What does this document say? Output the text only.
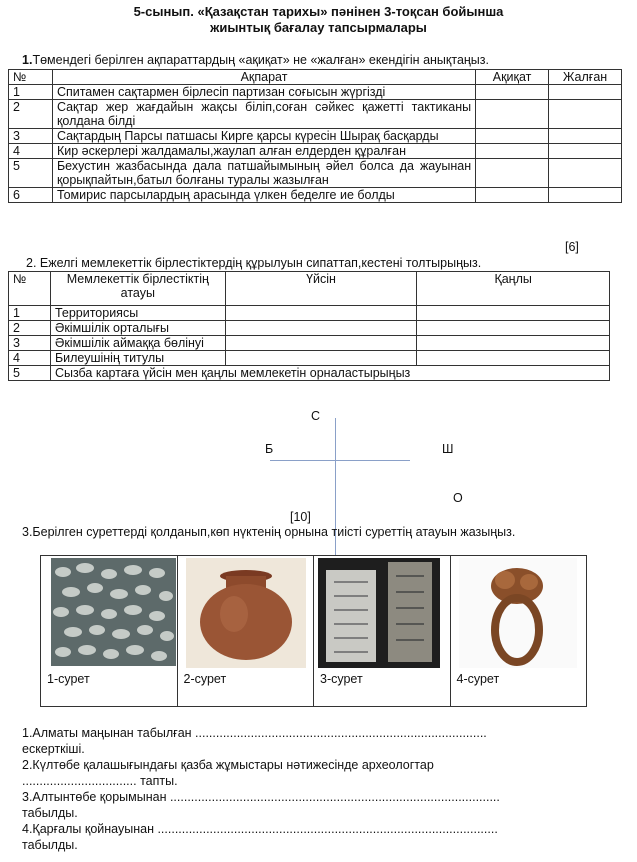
5-сынып. «Қазақстан тарихы» пәнінен 3-тоқсан бойынша
жиынтық бағалау тапсырмалары
1.Төмендегі берілген ақпараттардың «ақиқат» не «жалған» екендігін анықтаңыз.
№	Ақпарат	Ақиқат	Жалған
1	Спитамен сақтармен бірлесіп партизан соғысын жүргізді		
2	Сақтар жер жағдайын жақсы біліп,соған сәйкес қажетті тактиканы қолдана білді		
3	Сақтардың Парсы патшасы Кирге қарсы күресін Шырақ басқарды		
4	Кир әскерлері жалдамалы,жаулап алған елдерден құралған		
5	Бехустин жазбасында дала патшайымының әйел болса да жауынан қорықпайтын,батыл болғаны туралы жазылған		
6	Томирис парсылардың арасында үлкен беделге ие болды		
[6]
2. Ежелгі мемлекеттік бірлестіктердің құрылуын сипаттап,кестені толтырыңыз.
№	Мемлекеттік бірлестіктің атауы	Үйсін	Қаңлы
1	Территориясы		
2	Әкімшілік орталығы		
3	Әкімшілік аймаққа бөлінуі		
4	Билеушінің титулы		
5	Сызба картаға үйсін мен қаңлы мемлекетін орналастырыңыз		
С
Б	Ш
О
[10]
3.Берілген суреттерді қолданып,көп нүктенің орнына тиісті суреттің атауын жазыңыз.
1-сурет	2-сурет	3-сурет	4-сурет
1.Алматы маңынан табылған ....................................................................................
ескерткіші.
2.Күлтөбе қалашығындағы қазба жұмыстары нәтижесінде археологтар
................................. тапты.
3.Алтынтөбе қорымынан ...............................................................................................
табылды.
4.Қарғалы қойнауынан ..................................................................................................
табылды.
